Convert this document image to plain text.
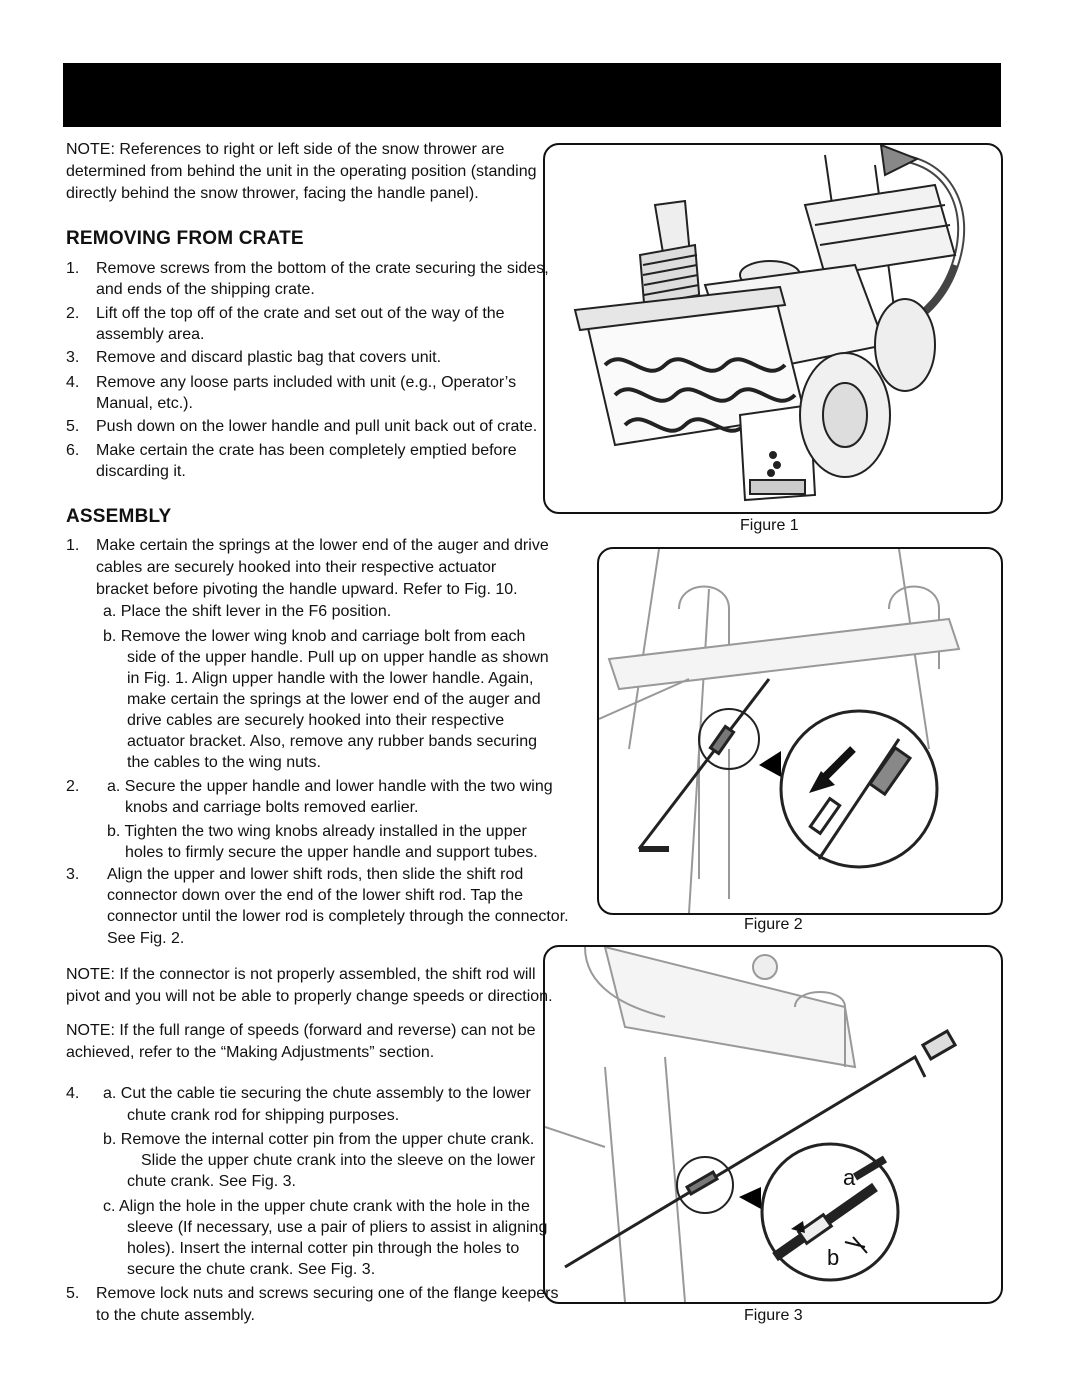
Figure 1
Figure 2
a
b
Figure 3
NOTE: References to right or left side of the snow thrower are
determined from behind the unit in the operating position (standing
directly behind the snow thrower, facing the handle panel).
REMOVING FROM CRATE
1. Remove screws from the bottom of the crate securing the sides,
and ends of the shipping crate.
2. Lift off the top off of the crate and set out of the way of the
assembly area.
3. Remove and discard plastic bag that covers unit.
4. Remove any loose parts included with unit (e.g., Operator’s
Manual, etc.).
5. Push down on the lower handle and pull unit back out of crate.
6. Make certain the crate has been completely emptied before
discarding it.
ASSEMBLY
1. Make certain the springs at the lower end of the auger and drive
cables are securely hooked into their respective actuator
bracket before pivoting the handle upward. Refer to Fig. 10.
a. Place the shift lever in the F6 position.
b. Remove the lower wing knob and carriage bolt from each
side of the upper handle. Pull up on upper handle as shown
in Fig. 1. Align upper handle with the lower handle. Again,
make certain the springs at the lower end of the auger and
drive cables are securely hooked into their respective
actuator bracket. Also, remove any rubber bands securing
the cables to the wing nuts.
2. a. Secure the upper handle and lower handle with the two wing
knobs and carriage bolts removed earlier.
b. Tighten the two wing knobs already installed in the upper
holes to firmly secure the upper handle and support tubes.
3. Align the upper and lower shift rods, then slide the shift rod
connector down over the end of the lower shift rod. Tap the
connector until the lower rod is completely through the connector.
See Fig. 2.
NOTE: If the connector is not properly assembled, the shift rod will
pivot and you will not be able to properly change speeds or direction.
NOTE: If the full range of speeds (forward and reverse) can not be
achieved, refer to the “Making Adjustments” section.
4. a. Cut the cable tie securing the chute assembly to the lower
chute crank rod for shipping purposes.
b. Remove the internal cotter pin from the upper chute crank.
Slide the upper chute crank into the sleeve on the lower
chute crank. See Fig. 3.
c. Align the hole in the upper chute crank with the hole in the
sleeve (If necessary, use a pair of pliers to assist in aligning
holes). Insert the internal cotter pin through the holes to
secure the chute crank. See Fig. 3.
5. Remove lock nuts and screws securing one of the flange keepers
to the chute assembly.
